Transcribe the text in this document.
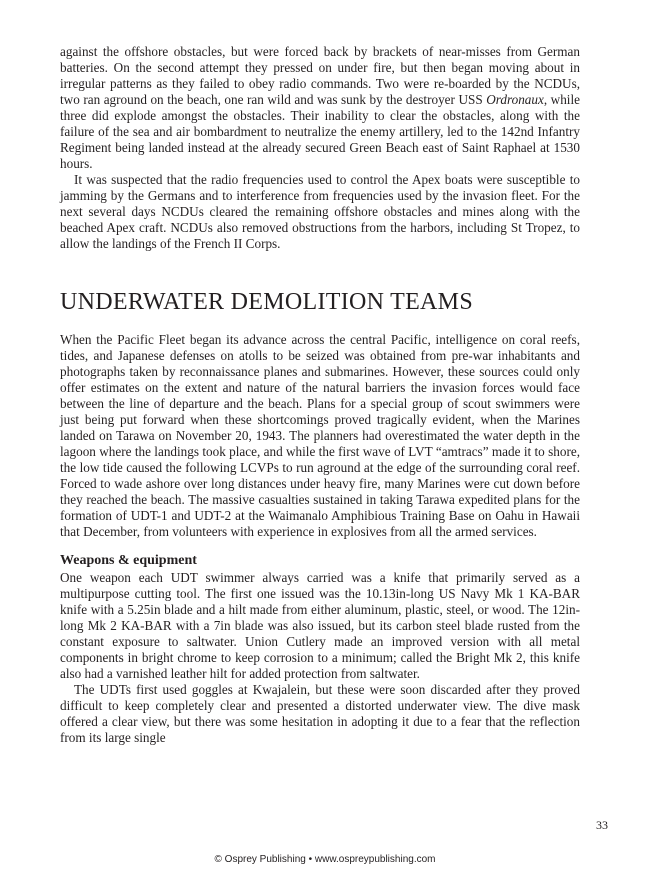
against the offshore obstacles, but were forced back by brackets of near-misses from German batteries. On the second attempt they pressed on under fire, but then began moving about in irregular patterns as they failed to obey radio commands. Two were re-boarded by the NCDUs, two ran aground on the beach, one ran wild and was sunk by the destroyer USS Ordronaux, while three did explode amongst the obstacles. Their inability to clear the obstacles, along with the failure of the sea and air bombardment to neutralize the enemy artillery, led to the 142nd Infantry Regiment being landed instead at the already secured Green Beach east of Saint Raphael at 1530 hours.

It was suspected that the radio frequencies used to control the Apex boats were susceptible to jamming by the Germans and to interference from frequencies used by the invasion fleet. For the next several days NCDUs cleared the remaining offshore obstacles and mines along with the beached Apex craft. NCDUs also removed obstructions from the harbors, including St Tropez, to allow the landings of the French II Corps.

UNDERWATER DEMOLITION TEAMS

When the Pacific Fleet began its advance across the central Pacific, intelligence on coral reefs, tides, and Japanese defenses on atolls to be seized was obtained from pre-war inhabitants and photographs taken by reconnaissance planes and submarines. However, these sources could only offer estimates on the extent and nature of the natural barriers the invasion forces would face between the line of departure and the beach. Plans for a special group of scout swimmers were just being put forward when these shortcomings proved tragically evident, when the Marines landed on Tarawa on November 20, 1943. The planners had overestimated the water depth in the lagoon where the landings took place, and while the first wave of LVT “amtracs” made it to shore, the low tide caused the following LCVPs to run aground at the edge of the surrounding coral reef. Forced to wade ashore over long distances under heavy fire, many Marines were cut down before they reached the beach. The massive casualties sustained in taking Tarawa expedited plans for the formation of UDT-1 and UDT-2 at the Waimanalo Amphibious Training Base on Oahu in Hawaii that December, from volunteers with experience in explosives from all the armed services.

Weapons & equipment

One weapon each UDT swimmer always carried was a knife that primarily served as a multipurpose cutting tool. The first one issued was the 10.13in-long US Navy Mk 1 KA-BAR knife with a 5.25in blade and a hilt made from either aluminum, plastic, steel, or wood. The 12in-long Mk 2 KA-BAR with a 7in blade was also issued, but its carbon steel blade rusted from the constant exposure to saltwater. Union Cutlery made an improved version with all metal components in bright chrome to keep corrosion to a minimum; called the Bright Mk 2, this knife also had a varnished leather hilt for added protection from saltwater.

The UDTs first used goggles at Kwajalein, but these were soon discarded after they proved difficult to keep completely clear and presented a distorted underwater view. The dive mask offered a clear view, but there was some hesitation in adopting it due to a fear that the reflection from its large single

33
© Osprey Publishing • www.ospreypublishing.com
